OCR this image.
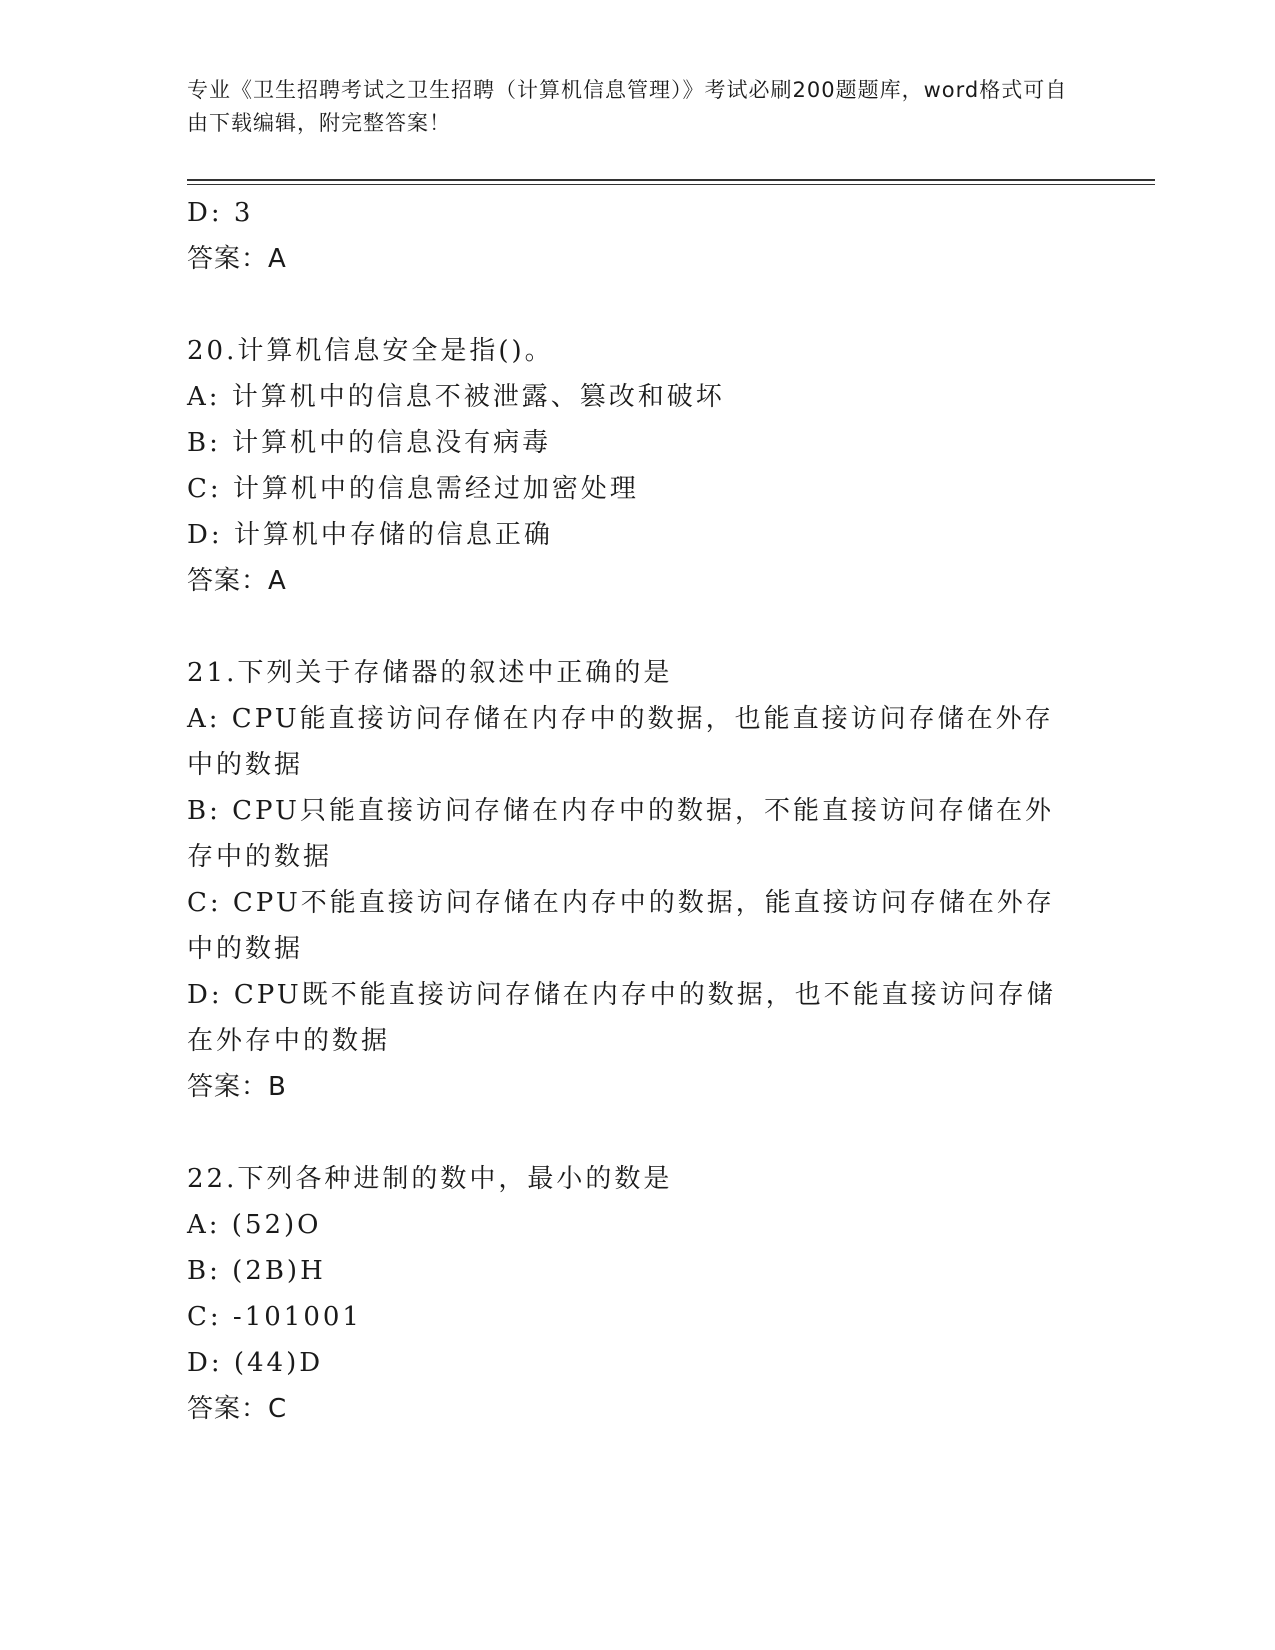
专业《卫生招聘考试之卫生招聘（计算机信息管理）》考试必刷200题题库，word格式可自由下载编辑，附完整答案！
D: 3
答案：A
20.计算机信息安全是指()。
A: 计算机中的信息不被泄露、篡改和破坏
B: 计算机中的信息没有病毒
C: 计算机中的信息需经过加密处理
D: 计算机中存储的信息正确
答案：A
21.下列关于存储器的叙述中正确的是
A: CPU能直接访问存储在内存中的数据，也能直接访问存储在外存中的数据
B: CPU只能直接访问存储在内存中的数据，不能直接访问存储在外存中的数据
C: CPU不能直接访问存储在内存中的数据，能直接访问存储在外存中的数据
D: CPU既不能直接访问存储在内存中的数据，也不能直接访问存储在外存中的数据
答案：B
22.下列各种进制的数中，最小的数是
A: (52)O
B: (2B)H
C: -101001
D: (44)D
答案：C
